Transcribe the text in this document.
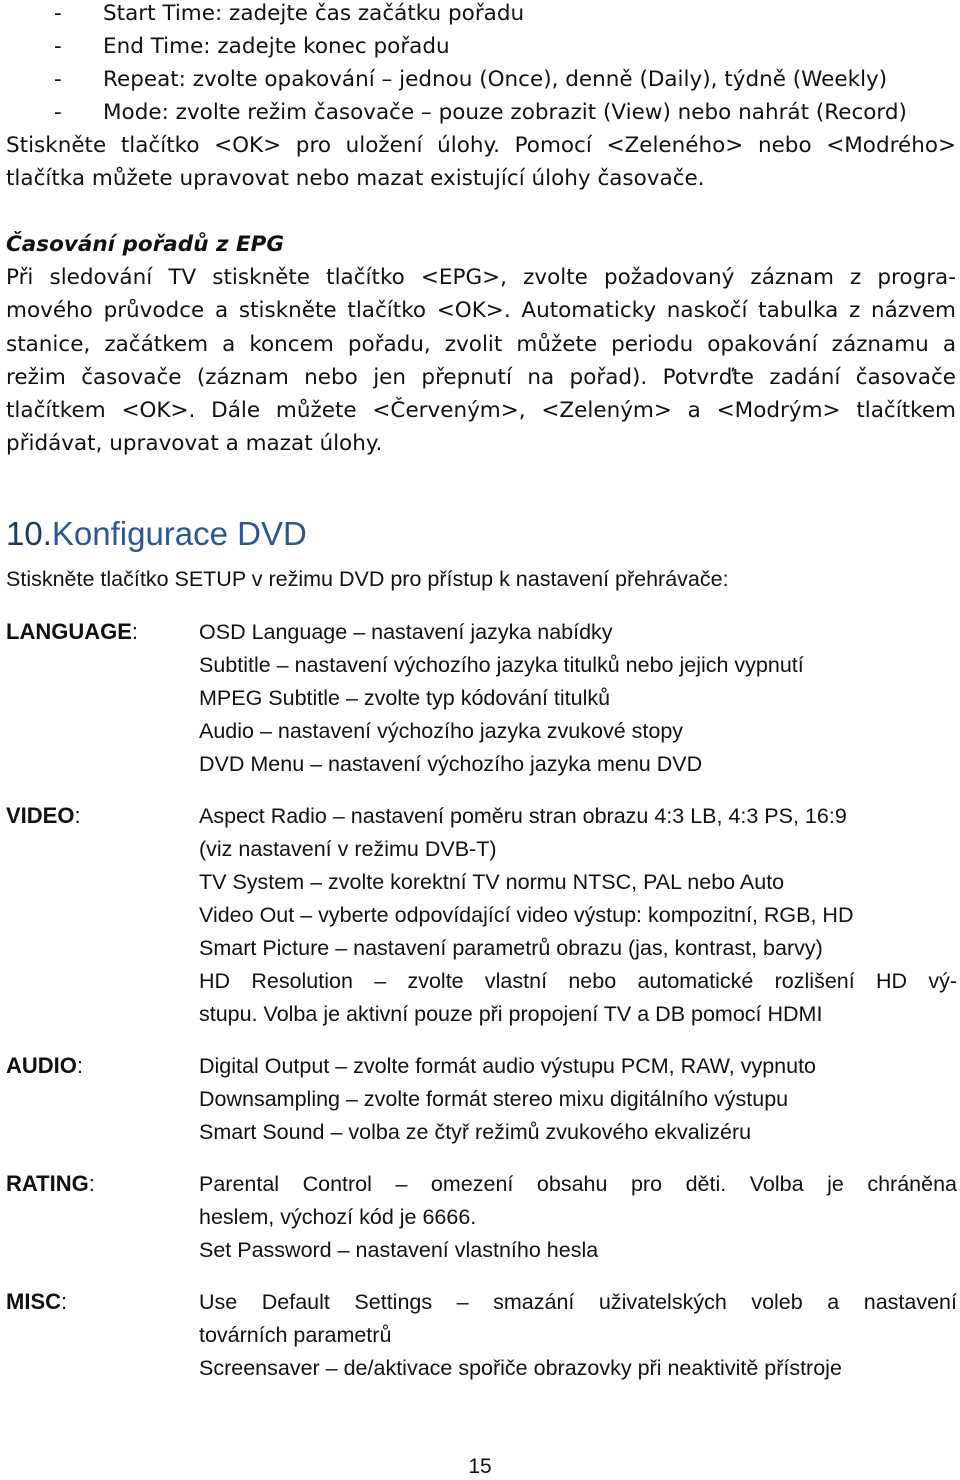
- Start Time: zadejte čas začátku pořadu
- End Time: zadejte konec pořadu
- Repeat: zvolte opakování – jednou (Once), denně (Daily), týdně (Weekly)
- Mode: zvolte režim časovače – pouze zobrazit (View) nebo nahrát (Record)
Stiskněte tlačítko <OK> pro uložení úlohy. Pomocí <Zeleného> nebo <Modrého>
tlačítka můžete upravovat nebo mazat existující úlohy časovače.
Časování pořadů z EPG
Při sledování TV stiskněte tlačítko <EPG>, zvolte požadovaný záznam z progra-
mového průvodce a stiskněte tlačítko <OK>. Automaticky naskočí tabulka z názvem
stanice, začátkem a koncem pořadu, zvolit můžete periodu opakování záznamu a
režim časovače (záznam nebo jen přepnutí na pořad). Potvrďte zadání časovače
tlačítkem <OK>. Dále můžete <Červeným>, <Zeleným> a <Modrým> tlačítkem
přidávat, upravovat a mazat úlohy.
10.Konfigurace DVD
Stiskněte tlačítko SETUP v režimu DVD pro přístup k nastavení přehrávače:
LANGUAGE:	OSD Language – nastavení jazyka nabídky
Subtitle – nastavení výchozího jazyka titulků nebo jejich vypnutí
MPEG Subtitle – zvolte typ kódování titulků
Audio – nastavení výchozího jazyka zvukové stopy
DVD Menu – nastavení výchozího jazyka menu DVD
VIDEO:	Aspect Radio – nastavení poměru stran obrazu 4:3 LB, 4:3 PS, 16:9
(viz nastavení v režimu DVB-T)
TV System – zvolte korektní TV normu NTSC, PAL nebo Auto
Video Out – vyberte odpovídající video výstup: kompozitní, RGB, HD
Smart Picture – nastavení parametrů obrazu (jas, kontrast, barvy)
HD Resolution – zvolte vlastní nebo automatické rozlišení HD vý-
stupu. Volba je aktivní pouze při propojení TV a DB pomocí HDMI
AUDIO:	Digital Output – zvolte formát audio výstupu PCM, RAW, vypnuto
Downsampling – zvolte formát stereo mixu digitálního výstupu
Smart Sound – volba ze čtyř režimů zvukového ekvalizéru
RATING:	Parental Control – omezení obsahu pro děti. Volba je chráněna
heslem, výchozí kód je 6666.
Set Password – nastavení vlastního hesla
MISC:	Use Default Settings – smazání uživatelských voleb a nastavení
továrních parametrů
Screensaver – de/aktivace spořiče obrazovky při neaktivitě přístroje
15
